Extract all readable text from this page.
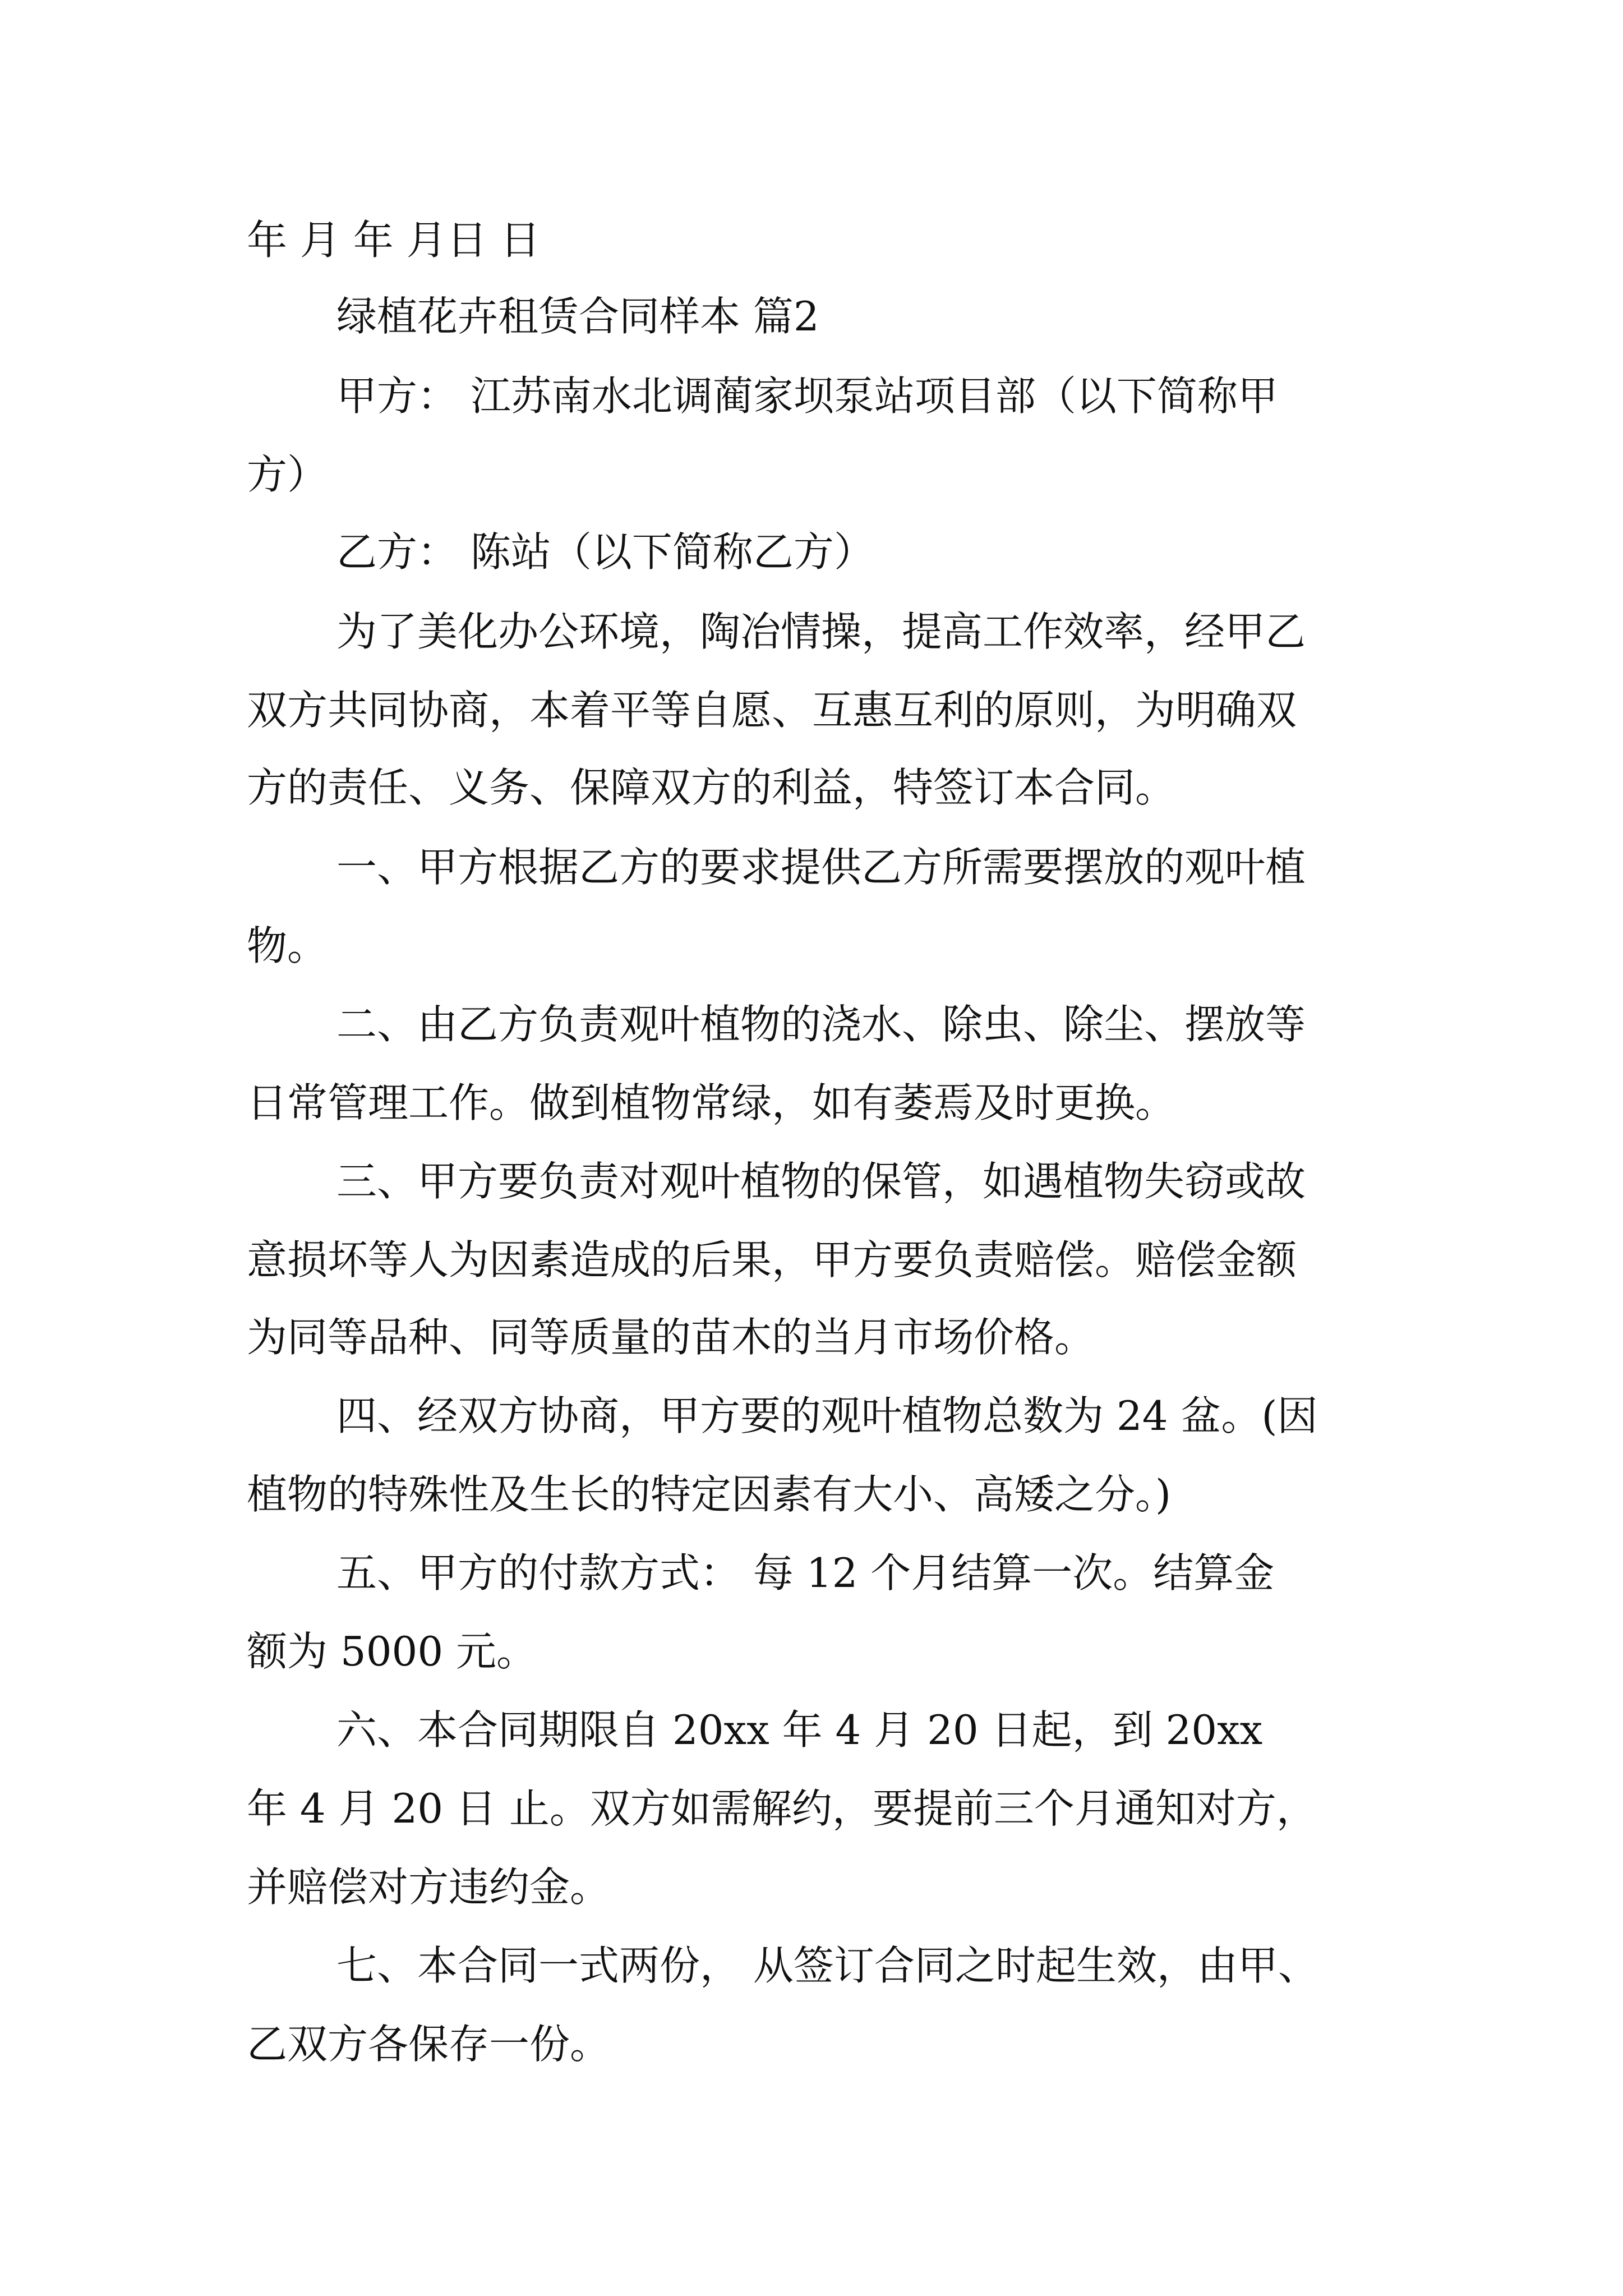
年 月 年 月日 日

绿植花卉租赁合同样本 篇2

甲方： 江苏南水北调蔺家坝泵站项目部（以下简称甲

方）

乙方： 陈站（以下简称乙方）

为了美化办公环境，陶冶情操，提高工作效率，经甲乙

双方共同协商，本着平等自愿、互惠互利的原则，为明确双

方的责任、义务、保障双方的利益，特签订本合同。

一、甲方根据乙方的要求提供乙方所需要摆放的观叶植

物。

二、由乙方负责观叶植物的浇水、除虫、除尘、摆放等

日常管理工作。做到植物常绿，如有萎焉及时更换。

三、甲方要负责对观叶植物的保管，如遇植物失窃或故

意损坏等人为因素造成的后果，甲方要负责赔偿。赔偿金额

为同等品种、同等质量的苗木的当月市场价格。

四、经双方协商，甲方要的观叶植物总数为 24 盆。(因

植物的特殊性及生长的特定因素有大小、高矮之分。)

五、甲方的付款方式： 每 12 个月结算一次。结算金

额为 5000 元。

六、本合同期限自 20xx 年 4 月 20 日起，到 20xx

年 4 月 20 日 止。双方如需解约，要提前三个月通知对方，

并赔偿对方违约金。

七、本合同一式两份， 从签订合同之时起生效，由甲、

乙双方各保存一份。
